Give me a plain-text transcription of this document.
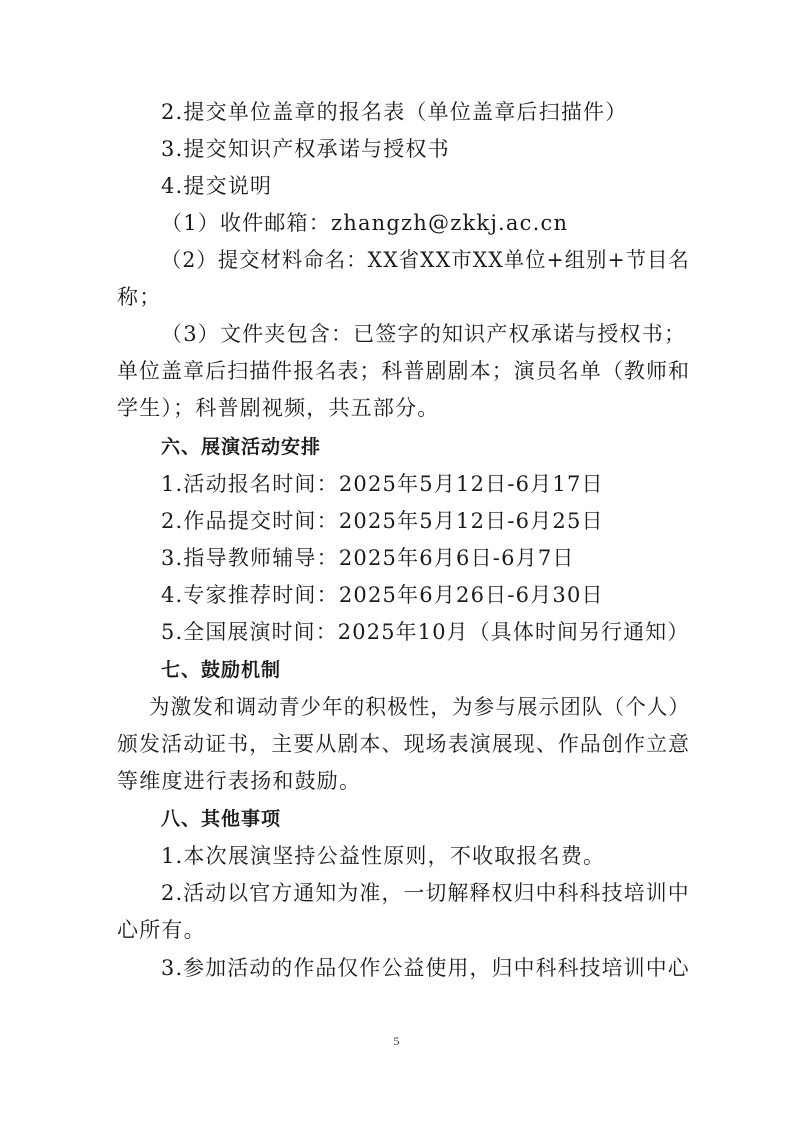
2.提交单位盖章的报名表（单位盖章后扫描件）
3.提交知识产权承诺与授权书
4.提交说明
（1）收件邮箱：zhangzh@zkkj.ac.cn
（2）提交材料命名：XX省XX市XX单位+组别+节目名
称；
（3）文件夹包含：已签字的知识产权承诺与授权书；
单位盖章后扫描件报名表；科普剧剧本；演员名单（教师和
学生）；科普剧视频，共五部分。
六、展演活动安排
1.活动报名时间：2025年5月12日-6月17日
2.作品提交时间：2025年5月12日-6月25日
3.指导教师辅导：2025年6月6日-6月7日
4.专家推荐时间：2025年6月26日-6月30日
5.全国展演时间：2025年10月（具体时间另行通知）
七、鼓励机制
为激发和调动青少年的积极性，为参与展示团队（个人）
颁发活动证书，主要从剧本、现场表演展现、作品创作立意
等维度进行表扬和鼓励。
八、其他事项
1.本次展演坚持公益性原则，不收取报名费。
2.活动以官方通知为准，一切解释权归中科科技培训中
心所有。
3.参加活动的作品仅作公益使用，归中科科技培训中心
5
